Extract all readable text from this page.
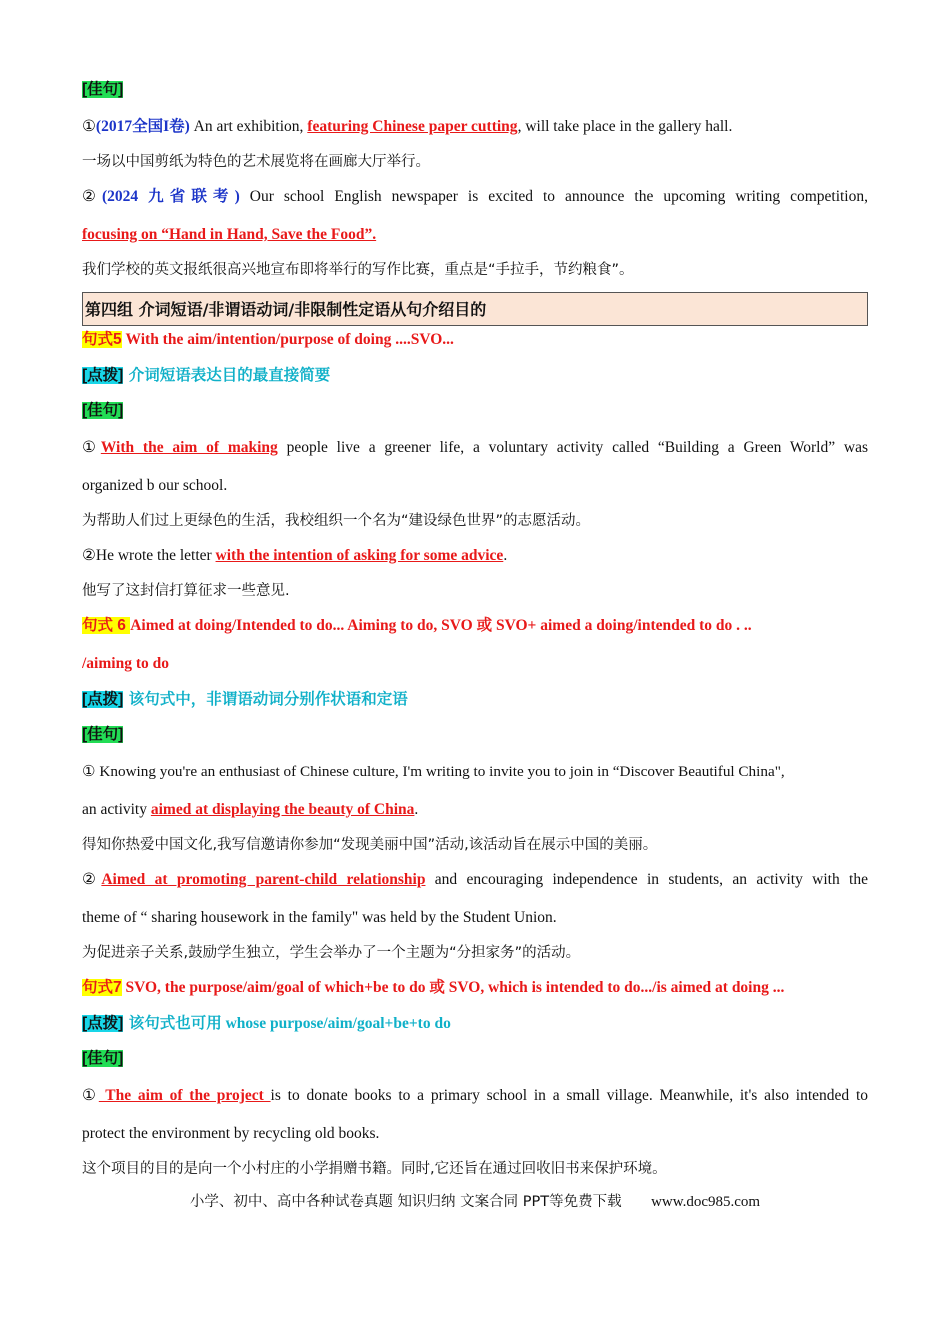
[佳句]

①(2017全国I卷) An art exhibition, featuring Chinese paper cutting, will take place in the gallery hall.

一场以中国剪纸为特色的艺术展览将在画廊大厅举行。

②(2024 九省联考) Our school English newspaper is excited to announce the upcoming writing competition,

focusing on “Hand in Hand, Save the Food”.

我们学校的英文报纸很高兴地宣布即将举行的写作比赛，重点是“手拉手，节约粮食”。

第四组 介词短语/非谓语动词/非限制性定语从句介绍目的

句式5 With the aim/intention/purpose of doing ....SVO...

[点拨] 介词短语表达目的最直接简要

[佳句]

①With the aim of making people live a greener life, a voluntary activity called “Building a Green World” was

organized b our school.

为帮助人们过上更绿色的生活，我校组织一个名为“建设绿色世界”的志愿活动。

②He wrote the letter with the intention of asking for some advice.

他写了这封信打算征求一些意见.

句式 6 Aimed at doing/Intended to do... Aiming to do, SVO 或 SVO+ aimed a doing/intended to do . ..

/aiming to do

[点拨] 该句式中，非谓语动词分别作状语和定语

[佳句]

① Knowing you're an enthusiast of Chinese culture, I'm writing to invite you to join in “Discover Beautiful China",

an activity aimed at displaying the beauty of China.

得知你热爱中国文化,我写信邀请你参加“发现美丽中国”活动,该活动旨在展示中国的美丽。

②Aimed at promoting parent-child relationship and encouraging independence in students, an activity with the

theme of “ sharing housework in the family" was held by the Student Union.

为促进亲子关系,鼓励学生独立，学生会举办了一个主题为“分担家务”的活动。

句式7 SVO, the purpose/aim/goal of which+be to do 或 SVO, which is intended to do.../is aimed at doing ...

[点拨] 该句式也可用 whose purpose/aim/goal+be+to do

[佳句]

① The aim of the project is to donate books to a primary school in a small village. Meanwhile, it's also intended to

protect the environment by recycling old books.

这个项目的目的是向一个小村庄的小学捐赠书籍。同时,它还旨在通过回收旧书来保护环境。

小学、初中、高中各种试卷真题 知识归纳 文案合同 PPT等免费下载 www.doc985.com
